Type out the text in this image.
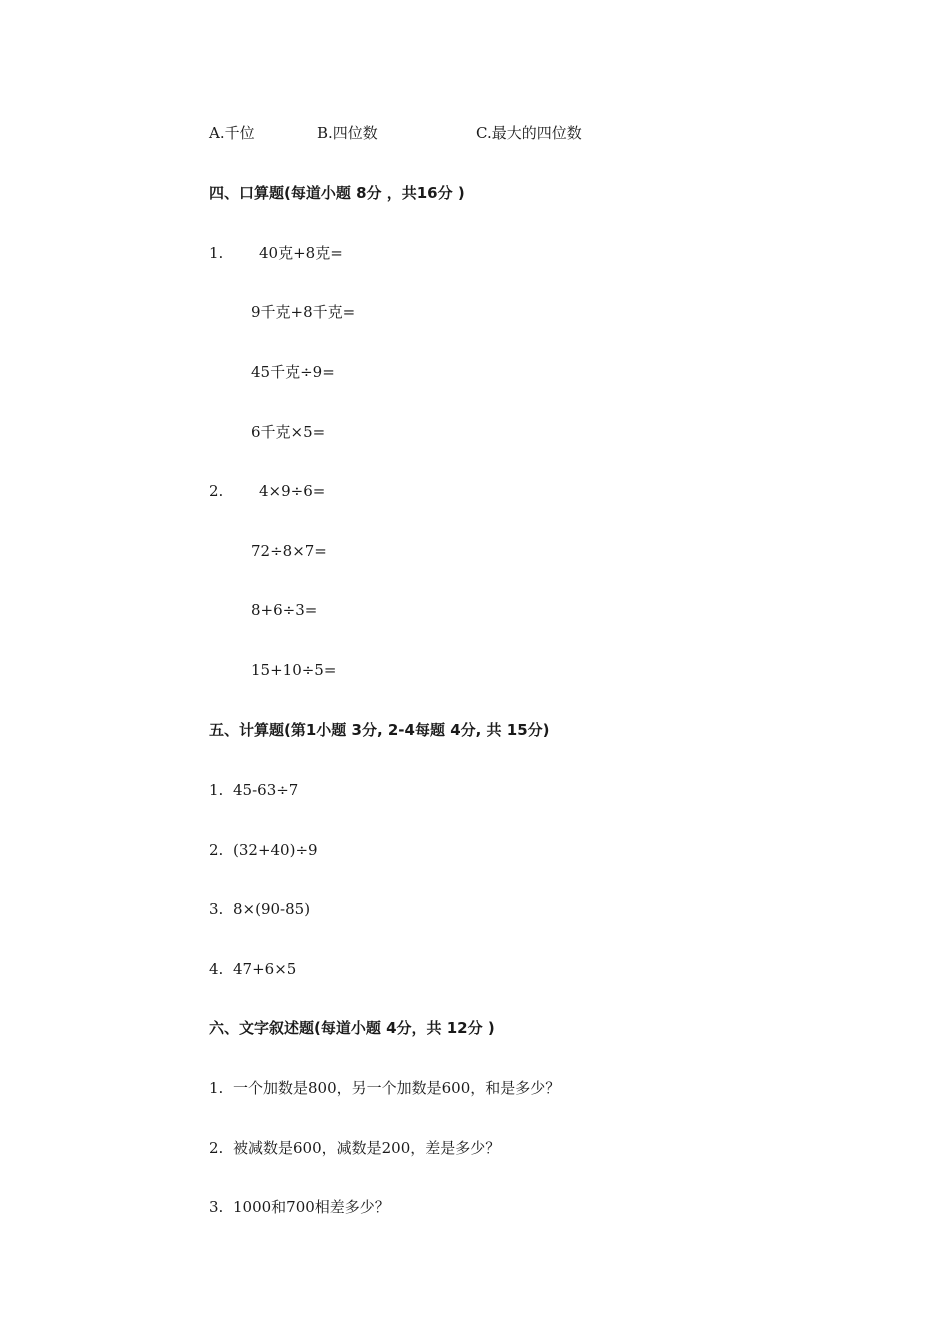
A.千位	B.四位数	C.最大的四位数
四、口算题(每道小题 8分 ，共16分 )
1. 40克+8克=
9千克+8千克=
45千克÷9=
6千克×5=
2. 4×9÷6=
72÷8×7=
8+6÷3=
15+10÷5=
五、计算题(第1小题 3分, 2-4每题 4分, 共 15分)
1. 45-63÷7
2. (32+40)÷9
3. 8×(90-85)
4. 47+6×5
六、文字叙述题(每道小题 4分，共 12分 )
1. 一个加数是800，另一个加数是600，和是多少？
2. 被减数是600，减数是200，差是多少？
3. 1000和700相差多少？
